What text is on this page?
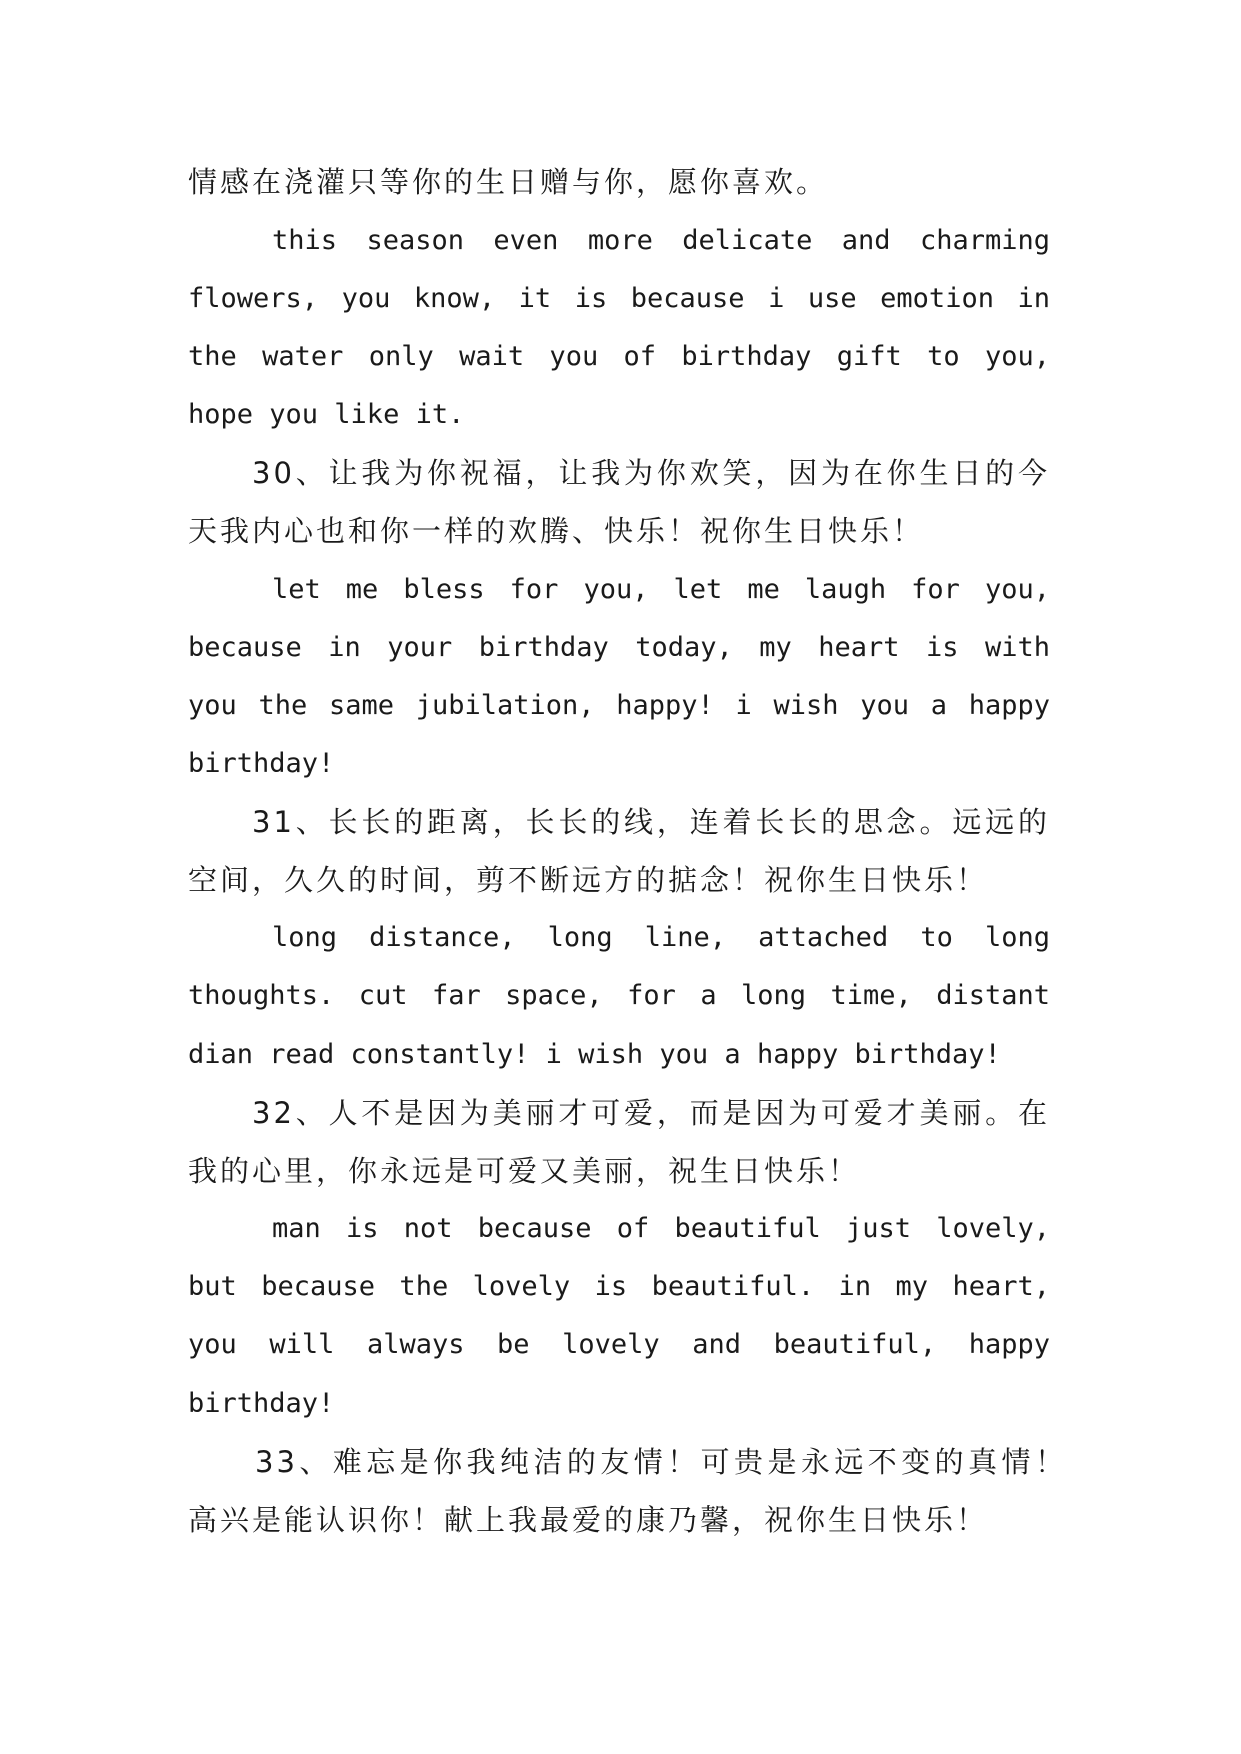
情感在浇灌只等你的生日赠与你，愿你喜欢。
this season even more delicate and charming
flowers, you know, it is because i use emotion in
the water only wait you of birthday gift to you,
hope you like it.
30、让我为你祝福，让我为你欢笑，因为在你生日的今
天我内心也和你一样的欢腾、快乐！祝你生日快乐！
let me bless for you, let me laugh for you,
because in your birthday today, my heart is with
you the same jubilation, happy! i wish you a happy
birthday!
31、长长的距离，长长的线，连着长长的思念。远远的
空间，久久的时间，剪不断远方的掂念！祝你生日快乐！
long distance, long line, attached to long
thoughts. cut far space, for a long time, distant
dian read constantly! i wish you a happy birthday!
32、人不是因为美丽才可爱，而是因为可爱才美丽。在
我的心里，你永远是可爱又美丽，祝生日快乐！
man is not because of beautiful just lovely,
but because the lovely is beautiful. in my heart,
you will always be lovely and beautiful, happy
birthday!
33、难忘是你我纯洁的友情！可贵是永远不变的真情！
高兴是能认识你！献上我最爱的康乃馨，祝你生日快乐！
